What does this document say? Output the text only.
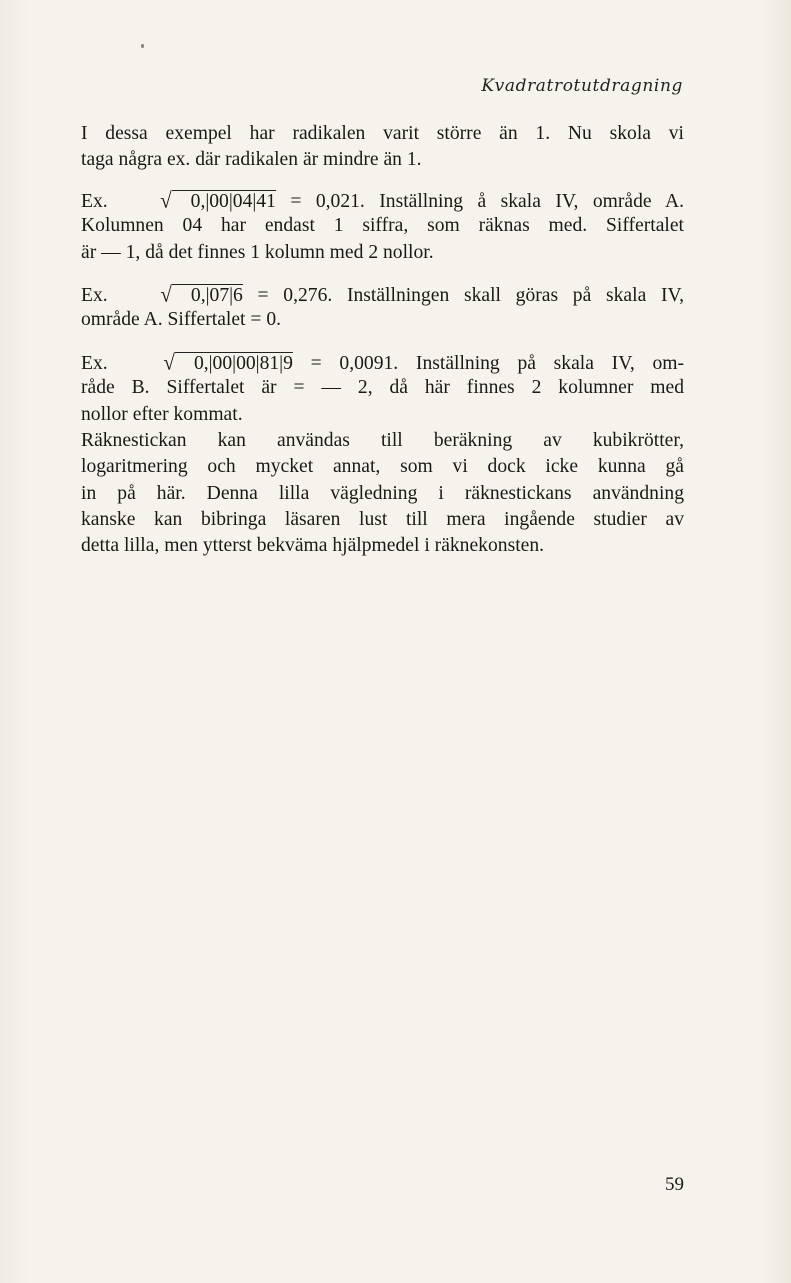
Kvadratrotutdragning

I dessa exempel har radikalen varit större än 1. Nu skola vi
taga några ex. där radikalen är mindre än 1.

Ex. √ 0,|00|04|41 = 0,021. Inställning å skala IV, område A.
Kolumnen 04 har endast 1 siffra, som räknas med. Siffertalet
är — 1, då det finnes 1 kolumn med 2 nollor.

Ex. √ 0,|07|6 = 0,276. Inställningen skall göras på skala IV,
område A. Siffertalet = 0.

Ex. √ 0,|00|00|81|9 = 0,0091. Inställning på skala IV, om-
råde B. Siffertalet är = — 2, då här finnes 2 kolumner med
nollor efter kommat.

Räknestickan kan användas till beräkning av kubikrötter,
logaritmering och mycket annat, som vi dock icke kunna gå
in på här. Denna lilla vägledning i räknestickans användning
kanske kan bibringa läsaren lust till mera ingående studier av
detta lilla, men ytterst bekväma hjälpmedel i räknekonsten.

59
